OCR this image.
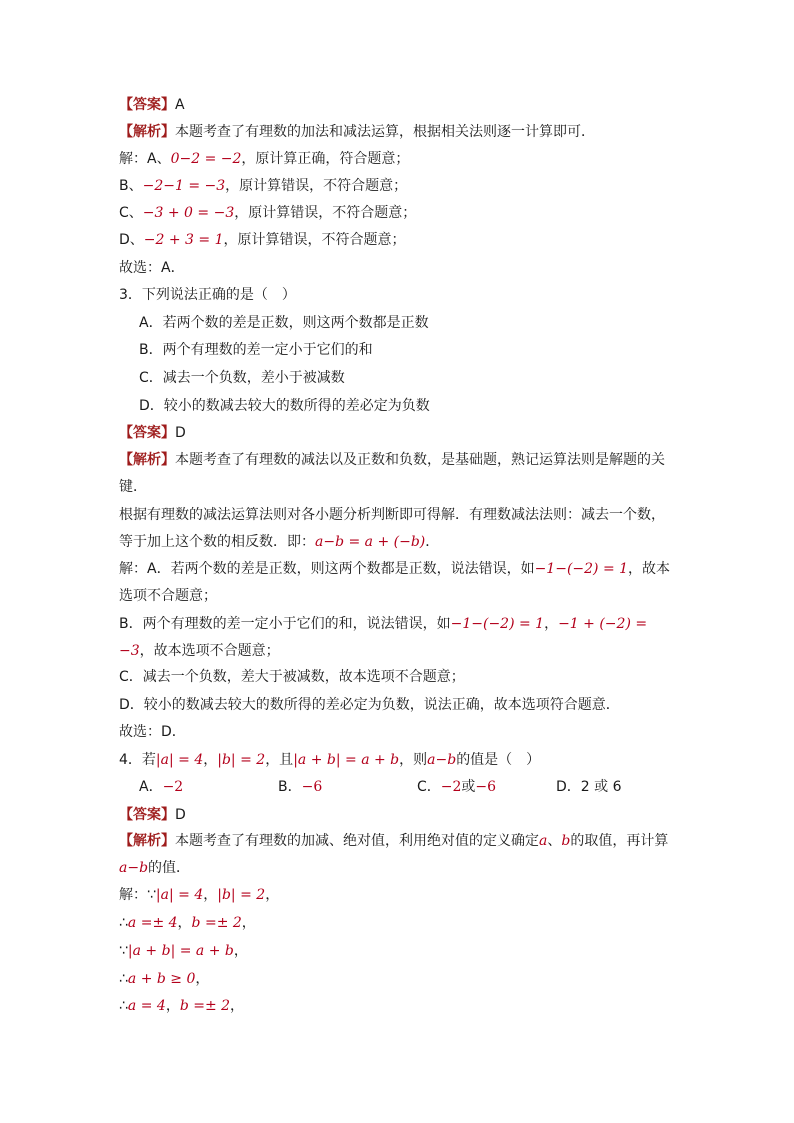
【答案】A
【解析】本题考查了有理数的加法和减法运算，根据相关法则逐一计算即可．
解：A、0−2 = −2，原计算正确，符合题意；
B、−2−1 = −3，原计算错误，不符合题意；
C、−3 + 0 = −3，原计算错误，不符合题意；
D、−2 + 3 = 1，原计算错误，不符合题意；
故选：A．
3．下列说法正确的是（　）
A．若两个数的差是正数，则这两个数都是正数
B．两个有理数的差一定小于它们的和
C．减去一个负数，差小于被减数
D．较小的数减去较大的数所得的差必定为负数
【答案】D
【解析】本题考查了有理数的减法以及正数和负数，是基础题，熟记运算法则是解题的关键．
根据有理数的减法运算法则对各小题分析判断即可得解．有理数减法法则：减去一个数，等于加上这个数的相反数．即：a−b = a + (−b)．
解：A．若两个数的差是正数，则这两个数都是正数，说法错误，如−1−(−2) = 1，故本选项不合题意；
B．两个有理数的差一定小于它们的和，说法错误，如−1−(−2) = 1，−1 + (−2) = −3，故本选项不合题意；
C．减去一个负数，差大于被减数，故本选项不合题意；
D．较小的数减去较大的数所得的差必定为负数，说法正确，故本选项符合题意．
故选：D．
4．若|a| = 4，|b| = 2，且|a + b| = a + b，则a−b的值是（　）
A．−2	B．−6	C．−2或−6	D．2 或 6
【答案】D
【解析】本题考查了有理数的加减、绝对值，利用绝对值的定义确定a、b的取值，再计算a−b的值．
解：∵|a| = 4，|b| = 2，
∴a =± 4，b =± 2，
∵|a + b| = a + b，
∴a + b ≥ 0，
∴a = 4，b =± 2，
